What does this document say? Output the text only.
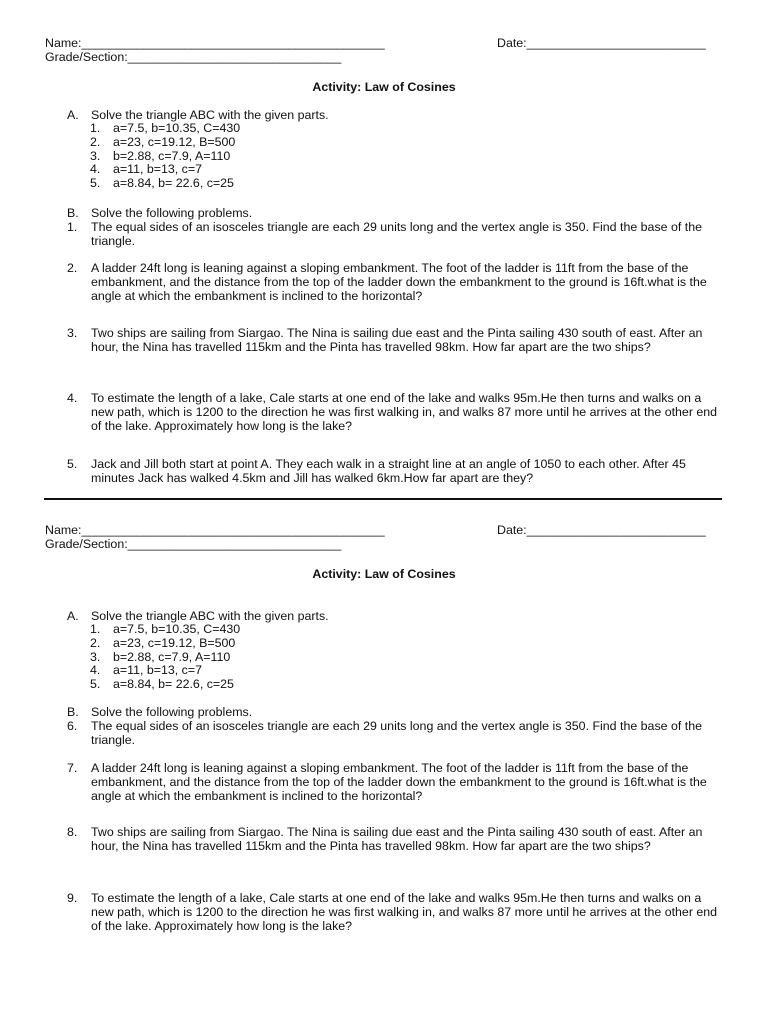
Name:____________________________________________
Grade/Section:_______________________________
Date:__________________________
Activity: Law of Cosines
A. Solve the triangle ABC with the given parts.
1. a=7.5, b=10.35, C=430
2. a=23, c=19.12, B=500
3. b=2.88, c=7.9, A=110
4. a=11, b=13, c=7
5. a=8.84, b= 22.6, c=25
B. Solve the following problems.
1.	The equal sides of an isosceles triangle are each 29 units long and the vertex angle is 350. Find the base of the triangle.
2.	A ladder 24ft long is leaning against a sloping embankment. The foot of the ladder is 11ft from the base of the embankment, and the distance from the top of the ladder down the embankment to the ground is 16ft.what is the angle at which the embankment is inclined to the horizontal?
3.	Two ships are sailing from Siargao. The Nina is sailing due east and the Pinta sailing 430 south of east. After an hour, the Nina has travelled 115km and the Pinta has travelled 98km. How far apart are the two ships?
4.	To estimate the length of a lake, Cale starts at one end of the lake and walks 95m.He then turns and walks on a new path, which is 1200 to the direction he was first walking in, and walks 87 more until he arrives at the other end of the lake. Approximately how long is the lake?
5.	Jack and Jill both start at point A. They each walk in a straight line at an angle of 1050 to each other. After 45 minutes Jack has walked 4.5km and Jill has walked 6km.How far apart are they?
Name:____________________________________________
Grade/Section:_______________________________
Date:__________________________
Activity: Law of Cosines
A. Solve the triangle ABC with the given parts.
1. a=7.5, b=10.35, C=430
2. a=23, c=19.12, B=500
3. b=2.88, c=7.9, A=110
4. a=11, b=13, c=7
5. a=8.84, b= 22.6, c=25
B. Solve the following problems.
6.	The equal sides of an isosceles triangle are each 29 units long and the vertex angle is 350. Find the base of the triangle.
7.	A ladder 24ft long is leaning against a sloping embankment. The foot of the ladder is 11ft from the base of the embankment, and the distance from the top of the ladder down the embankment to the ground is 16ft.what is the angle at which the embankment is inclined to the horizontal?
8.	Two ships are sailing from Siargao. The Nina is sailing due east and the Pinta sailing 430 south of east. After an hour, the Nina has travelled 115km and the Pinta has travelled 98km. How far apart are the two ships?
9.	To estimate the length of a lake, Cale starts at one end of the lake and walks 95m.He then turns and walks on a new path, which is 1200 to the direction he was first walking in, and walks 87 more until he arrives at the other end of the lake. Approximately how long is the lake?
